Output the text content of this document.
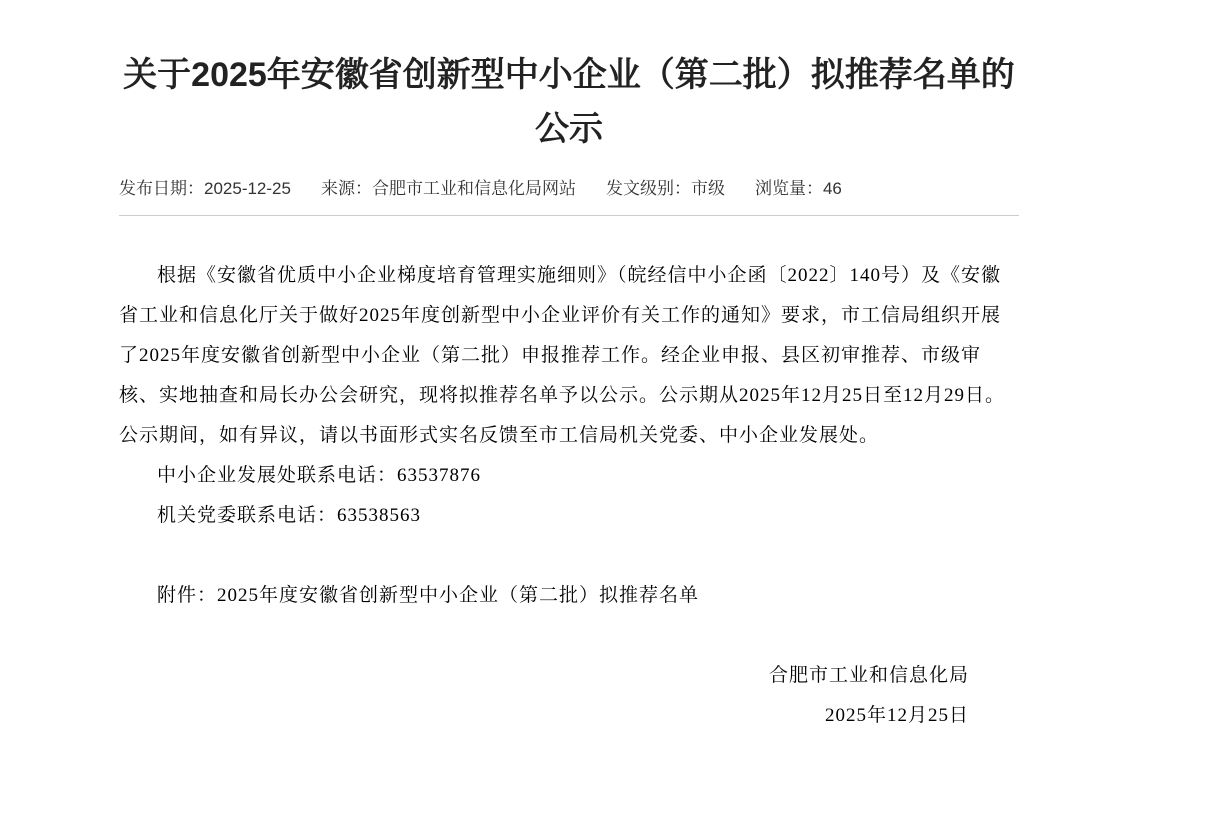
关于2025年安徽省创新型中小企业（第二批）拟推荐名单的公示
发布日期：2025-12-25 来源：合肥市工业和信息化局网站 发文级别：市级 浏览量：46

根据《安徽省优质中小企业梯度培育管理实施细则》（皖经信中小企函〔2022〕140号）及《安徽省工业和信息化厅关于做好2025年度创新型中小企业评价有关工作的通知》要求，市工信局组织开展了2025年度安徽省创新型中小企业（第二批）申报推荐工作。经企业申报、县区初审推荐、市级审核、实地抽查和局长办公会研究，现将拟推荐名单予以公示。公示期从2025年12月25日至12月29日。公示期间，如有异议，请以书面形式实名反馈至市工信局机关党委、中小企业发展处。

中小企业发展处联系电话：63537876

机关党委联系电话：63538563

附件：2025年度安徽省创新型中小企业（第二批）拟推荐名单

合肥市工业和信息化局

2025年12月25日
